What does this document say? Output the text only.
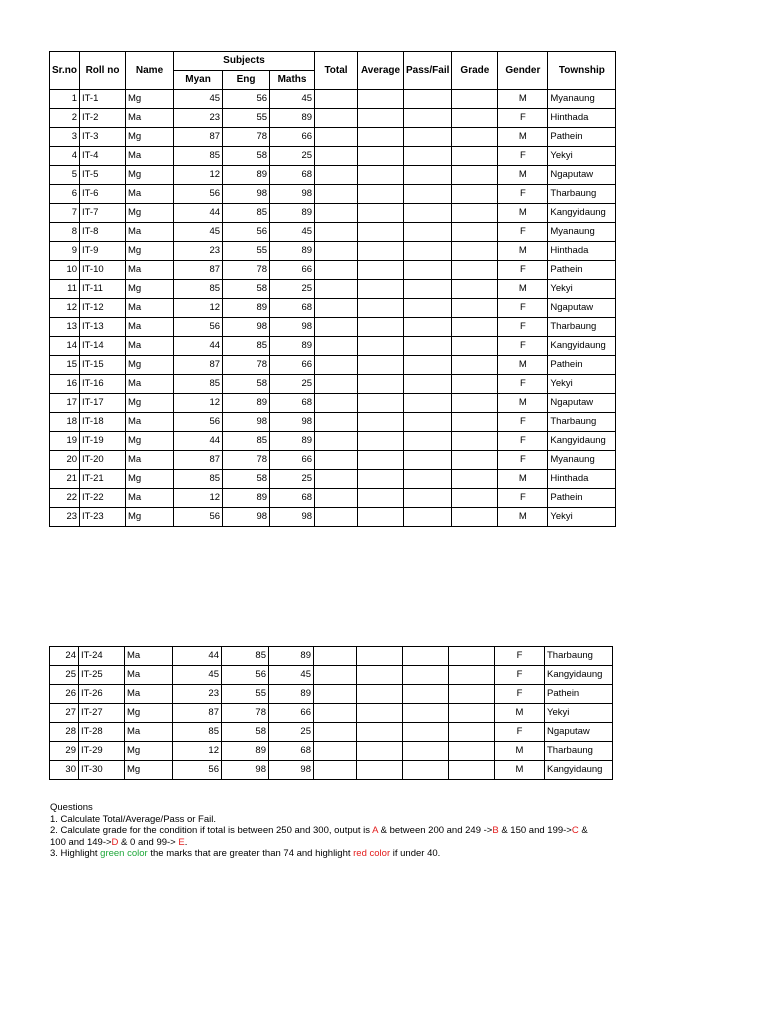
Sr.no	Roll no	Name	Subjects			Total	Average	Pass/Fail	Grade	Gender	Township
			Myan	Eng	Maths						
1	IT-1	Mg	45	56	45					M	Myanaung
2	IT-2	Ma	23	55	89					F	Hinthada
3	IT-3	Mg	87	78	66					M	Pathein
4	IT-4	Ma	85	58	25					F	Yekyi
5	IT-5	Mg	12	89	68					M	Ngaputaw
6	IT-6	Ma	56	98	98					F	Tharbaung
7	IT-7	Mg	44	85	89					M	Kangyidaung
8	IT-8	Ma	45	56	45					F	Myanaung
9	IT-9	Mg	23	55	89					M	Hinthada
10	IT-10	Ma	87	78	66					F	Pathein
11	IT-11	Mg	85	58	25					M	Yekyi
12	IT-12	Ma	12	89	68					F	Ngaputaw
13	IT-13	Ma	56	98	98					F	Tharbaung
14	IT-14	Ma	44	85	89					F	Kangyidaung
15	IT-15	Mg	87	78	66					M	Pathein
16	IT-16	Ma	85	58	25					F	Yekyi
17	IT-17	Mg	12	89	68					M	Ngaputaw
18	IT-18	Ma	56	98	98					F	Tharbaung
19	IT-19	Mg	44	85	89					F	Kangyidaung
20	IT-20	Ma	87	78	66					F	Myanaung
21	IT-21	Mg	85	58	25					M	Hinthada
22	IT-22	Ma	12	89	68					F	Pathein
23	IT-23	Mg	56	98	98					M	Yekyi
24	IT-24	Ma	44	85	89					F	Tharbaung
25	IT-25	Ma	45	56	45					F	Kangyidaung
26	IT-26	Ma	23	55	89					F	Pathein
27	IT-27	Mg	87	78	66					M	Yekyi
28	IT-28	Ma	85	58	25					F	Ngaputaw
29	IT-29	Mg	12	89	68					M	Tharbaung
30	IT-30	Mg	56	98	98					M	Kangyidaung
Questions
1. Calculate Total/Average/Pass or Fail.
2. Calculate grade for the condition if total is between 250 and 300, output is A & between 200 and 249 ->B & 150 and 199->C &
100 and 149->D & 0 and 99-> E.
3. Highlight green color the marks that are greater than 74 and highlight red color if under 40.
